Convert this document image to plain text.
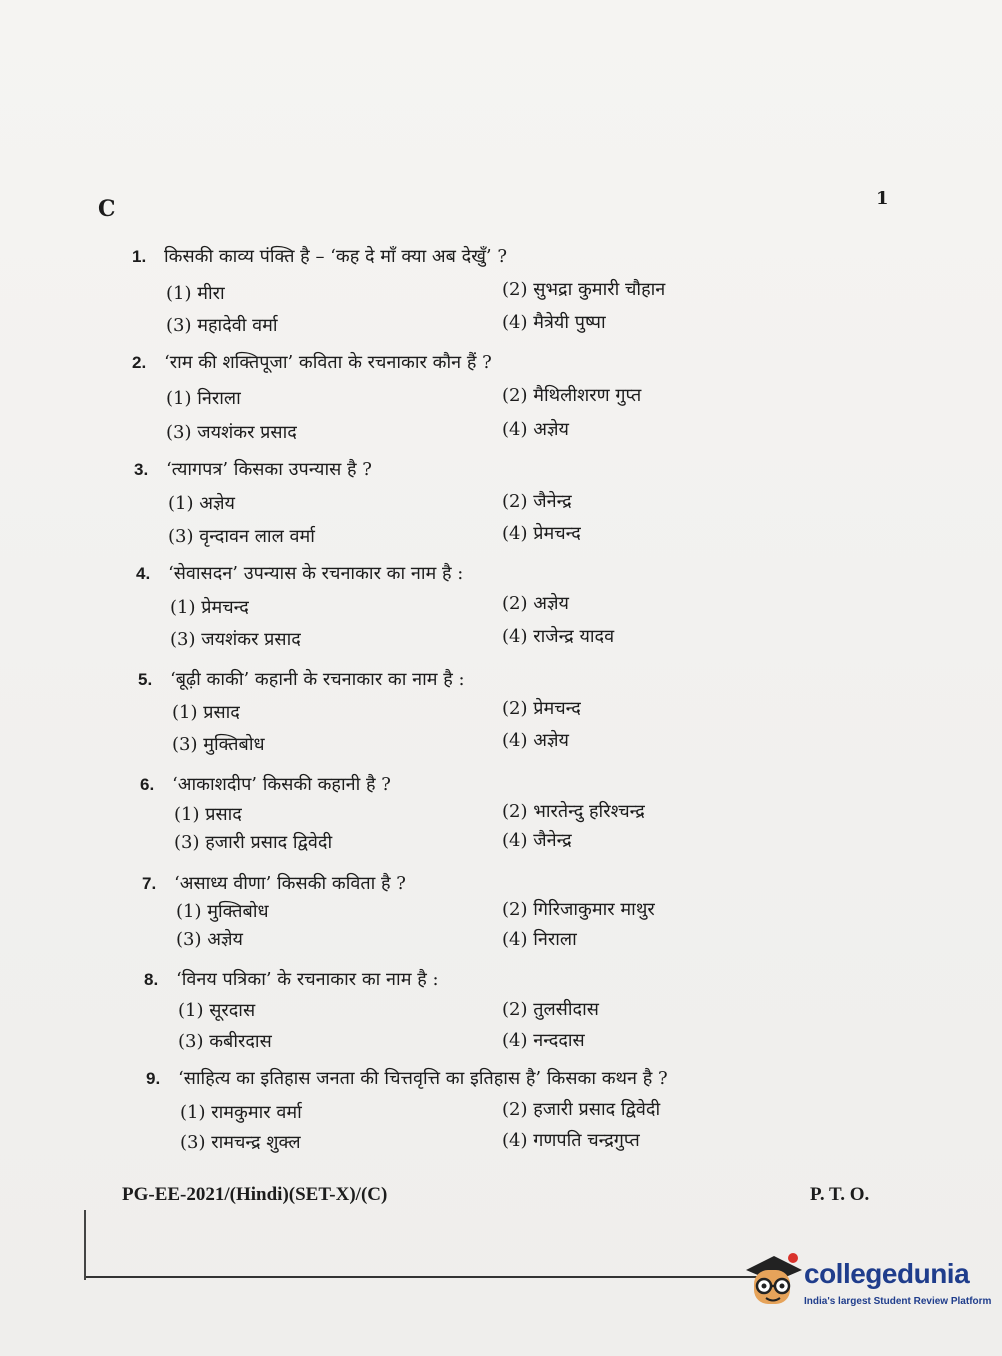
C	1
1. किसकी काव्य पंक्ति है – ‘कह दे माँ क्या अब देखुँ’ ?
(1) मीरा	(2) सुभद्रा कुमारी चौहान
(3) महादेवी वर्मा	(4) मैत्रेयी पुष्पा
2. ‘राम की शक्तिपूजा’ कविता के रचनाकार कौन हैं ?
(1) निराला	(2) मैथिलीशरण गुप्त
(3) जयशंकर प्रसाद	(4) अज्ञेय
3. ‘त्यागपत्र’ किसका उपन्यास है ?
(1) अज्ञेय	(2) जैनेन्द्र
(3) वृन्दावन लाल वर्मा	(4) प्रेमचन्द
4. ‘सेवासदन’ उपन्यास के रचनाकार का नाम है :
(1) प्रेमचन्द	(2) अज्ञेय
(3) जयशंकर प्रसाद	(4) राजेन्द्र यादव
5. ‘बूढ़ी काकी’ कहानी के रचनाकार का नाम है :
(1) प्रसाद	(2) प्रेमचन्द
(3) मुक्तिबोध	(4) अज्ञेय
6. ‘आकाशदीप’ किसकी कहानी है ?
(1) प्रसाद	(2) भारतेन्दु हरिश्चन्द्र
(3) हजारी प्रसाद द्विवेदी	(4) जैनेन्द्र
7. ‘असाध्य वीणा’ किसकी कविता है ?
(1) मुक्तिबोध	(2) गिरिजाकुमार माथुर
(3) अज्ञेय	(4) निराला
8. ‘विनय पत्रिका’ के रचनाकार का नाम है :
(1) सूरदास	(2) तुलसीदास
(3) कबीरदास	(4) नन्ददास
9. ‘साहित्य का इतिहास जनता की चित्तवृत्ति का इतिहास है’ किसका कथन है ?
(1) रामकुमार वर्मा	(2) हजारी प्रसाद द्विवेदी
(3) रामचन्द्र शुक्ल	(4) गणपति चन्द्रगुप्त
PG-EE-2021/(Hindi)(SET-X)/(C)	P. T. O.
collegedunia
India's largest Student Review Platform
